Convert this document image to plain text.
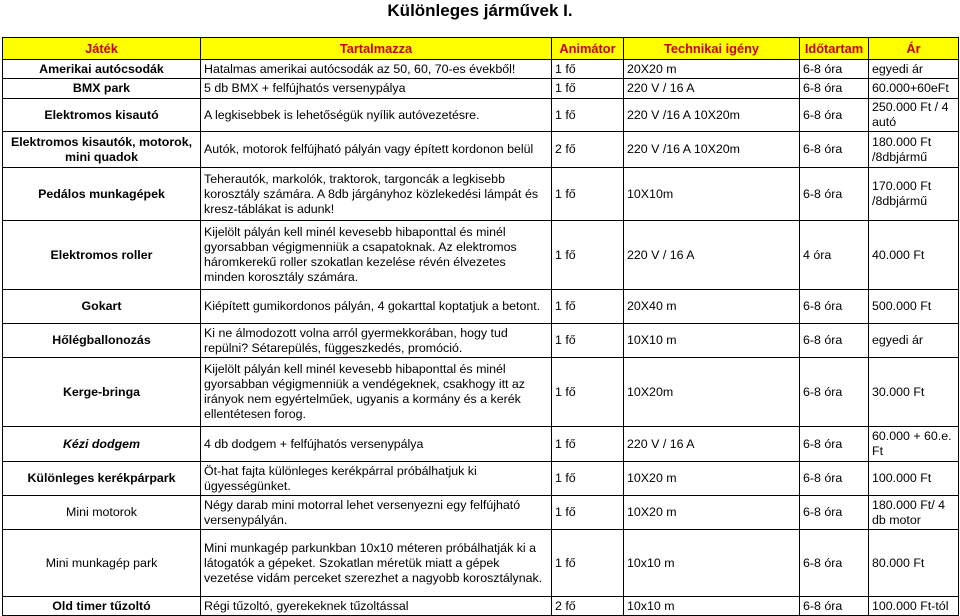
Különleges járművek I.
Játék	Tartalmazza	Animátor	Technikai igény	Időtartam	Ár
Amerikai autócsodák	Hatalmas amerikai autócsodák az 50, 60, 70-es évekből!	1 fő	20X20 m	6-8 óra	egyedi ár
BMX park	5 db BMX + felfújhatós versenypálya	1 fő	220 V / 16 A	6-8 óra	60.000+60eFt
Elektromos kisautó	A legkisebbek is lehetőségük nyílik autóvezetésre.	1 fő	220 V /16 A 10X20m	6-8 óra	250.000 Ft / 4 autó
Elektromos kisautók, motorok, mini quadok	Autók, motorok felfújható pályán vagy épített kordonon belül	2 fő	220 V /16 A 10X20m	6-8 óra	180.000 Ft /8dbjármű
Pedálos munkagépek	Teherautók, markolók, traktorok, targoncák a legkisebb korosztály számára. A 8db járgányhoz közlekedési lámpát és kresz-táblákat is adunk!	1 fő	10X10m	6-8 óra	170.000 Ft /8dbjármű
Elektromos roller	Kijelölt pályán kell minél kevesebb hibaponttal és minél gyorsabban végigmenniük a csapatoknak. Az elektromos háromkerekű roller szokatlan kezelése révén élvezetes minden korosztály számára.	1 fő	220 V / 16 A	4 óra	40.000 Ft
Gokart	Kiépített gumikordonos pályán, 4 gokarttal koptatjuk a betont.	1 fő	20X40 m	6-8 óra	500.000 Ft
Hőlégballonozás	Ki ne álmodozott volna arról gyermekkorában, hogy tud repülni? Sétarepülés, függeszkedés, promóció.	1 fő	10X10 m	6-8 óra	egyedi ár
Kerge-bringa	Kijelölt pályán kell minél kevesebb hibaponttal és minél gyorsabban végigmenniük a vendégeknek, csakhogy itt az irányok nem egyértelműek, ugyanis a kormány és a kerék ellentétesen forog.	1 fő	10X20m	6-8 óra	30.000 Ft
Kézi dodgem	4 db dodgem + felfújhatós versenypálya	1 fő	220 V / 16 A	6-8 óra	60.000 + 60.e. Ft
Különleges kerékpárpark	Öt-hat fajta különleges kerékpárral próbálhatjuk ki ügyességünket.	1 fő	10X20 m	6-8 óra	100.000 Ft
Mini motorok	Négy darab mini motorral lehet versenyezni egy felfújható versenypályán.	1 fő	10X20 m	6-8 óra	180.000 Ft/ 4 db motor
Mini munkagép park	Mini munkagép parkunkban 10x10 méteren próbálhatják ki a látogatók a gépeket. Szokatlan méretük miatt a gépek vezetése vidám perceket szerezhet a nagyobb korosztálynak.	1 fő	10x10 m	6-8 óra	80.000 Ft
Old timer tűzoltó	Régi tűzoltó, gyerekeknek tűzoltással	2 fő	10x10 m	6-8 óra	100.000 Ft-tól
